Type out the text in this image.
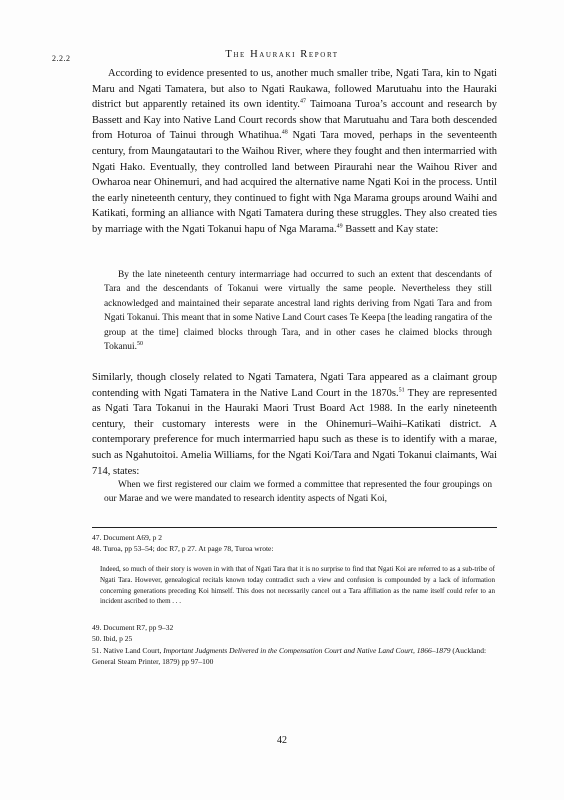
2.2.2	The Hauraki Report

According to evidence presented to us, another much smaller tribe, Ngati Tara, kin to Ngati Maru and Ngati Tamatera, but also to Ngati Raukawa, followed Marutuahu into the Hauraki district but apparently retained its own identity.$^{47}$ Taimoana Turoa’s account and research by Bassett and Kay into Native Land Court records show that Marutuahu and Tara both descended from Hoturoa of Tainui through Whatihua.$^{48}$ Ngati Tara moved, perhaps in the seventeenth century, from Maungatautari to the Waihou River, where they fought and then intermarried with Ngati Hako. Eventually, they controlled land between Piraurahi near the Waihou River and Owharoa near Ohinemuri, and had acquired the alternative name Ngati Koi in the process. Until the early nineteenth century, they continued to fight with Nga Marama groups around Waihi and Katikati, forming an alliance with Ngati Tamatera during these struggles. They also created ties by marriage with the Ngati Tokanui hapu of Nga Marama.$^{49}$ Bassett and Kay state:

By the late nineteenth century intermarriage had occurred to such an extent that descendants of Tara and the descendants of Tokanui were virtually the same people. Nevertheless they still acknowledged and maintained their separate ancestral land rights deriving from Ngati Tara and from Ngati Tokanui. This meant that in some Native Land Court cases Te Keepa [the leading rangatira of the group at the time] claimed blocks through Tara, and in other cases he claimed blocks through Tokanui.$^{50}$

Similarly, though closely related to Ngati Tamatera, Ngati Tara appeared as a claimant group contending with Ngati Tamatera in the Native Land Court in the 1870s.$^{51}$ They are represented as Ngati Tara Tokanui in the Hauraki Maori Trust Board Act 1988. In the early nineteenth century, their customary interests were in the Ohinemuri–Waihi–Katikati district. A contemporary preference for much intermarried hapu such as these is to identify with a marae, such as Ngahutoitoi. Amelia Williams, for the Ngati Koi/Tara and Ngati Tokanui claimants, Wai 714, states:

When we first registered our claim we formed a committee that represented the four groupings on our Marae and we were mandated to research identity aspects of Ngati Koi,

47. Document A69, p 2
48. Turoa, pp 53–54; doc R7, p 27. At page 78, Turoa wrote:
Indeed, so much of their story is woven in with that of Ngati Tara that it is no surprise to find that Ngati Koi are referred to as a sub-tribe of Ngati Tara. However, genealogical recitals known today contradict such a view and confusion is compounded by a lack of information concerning generations preceding Koi himself. This does not necessarily cancel out a Tara affiliation as the name itself could refer to an incident ascribed to them . . .
49. Document R7, pp 9–32
50. Ibid, p 25
51. Native Land Court, Important Judgments Delivered in the Compensation Court and Native Land Court, 1866–1879 (Auckland: General Steam Printer, 1879) pp 97–100
42
